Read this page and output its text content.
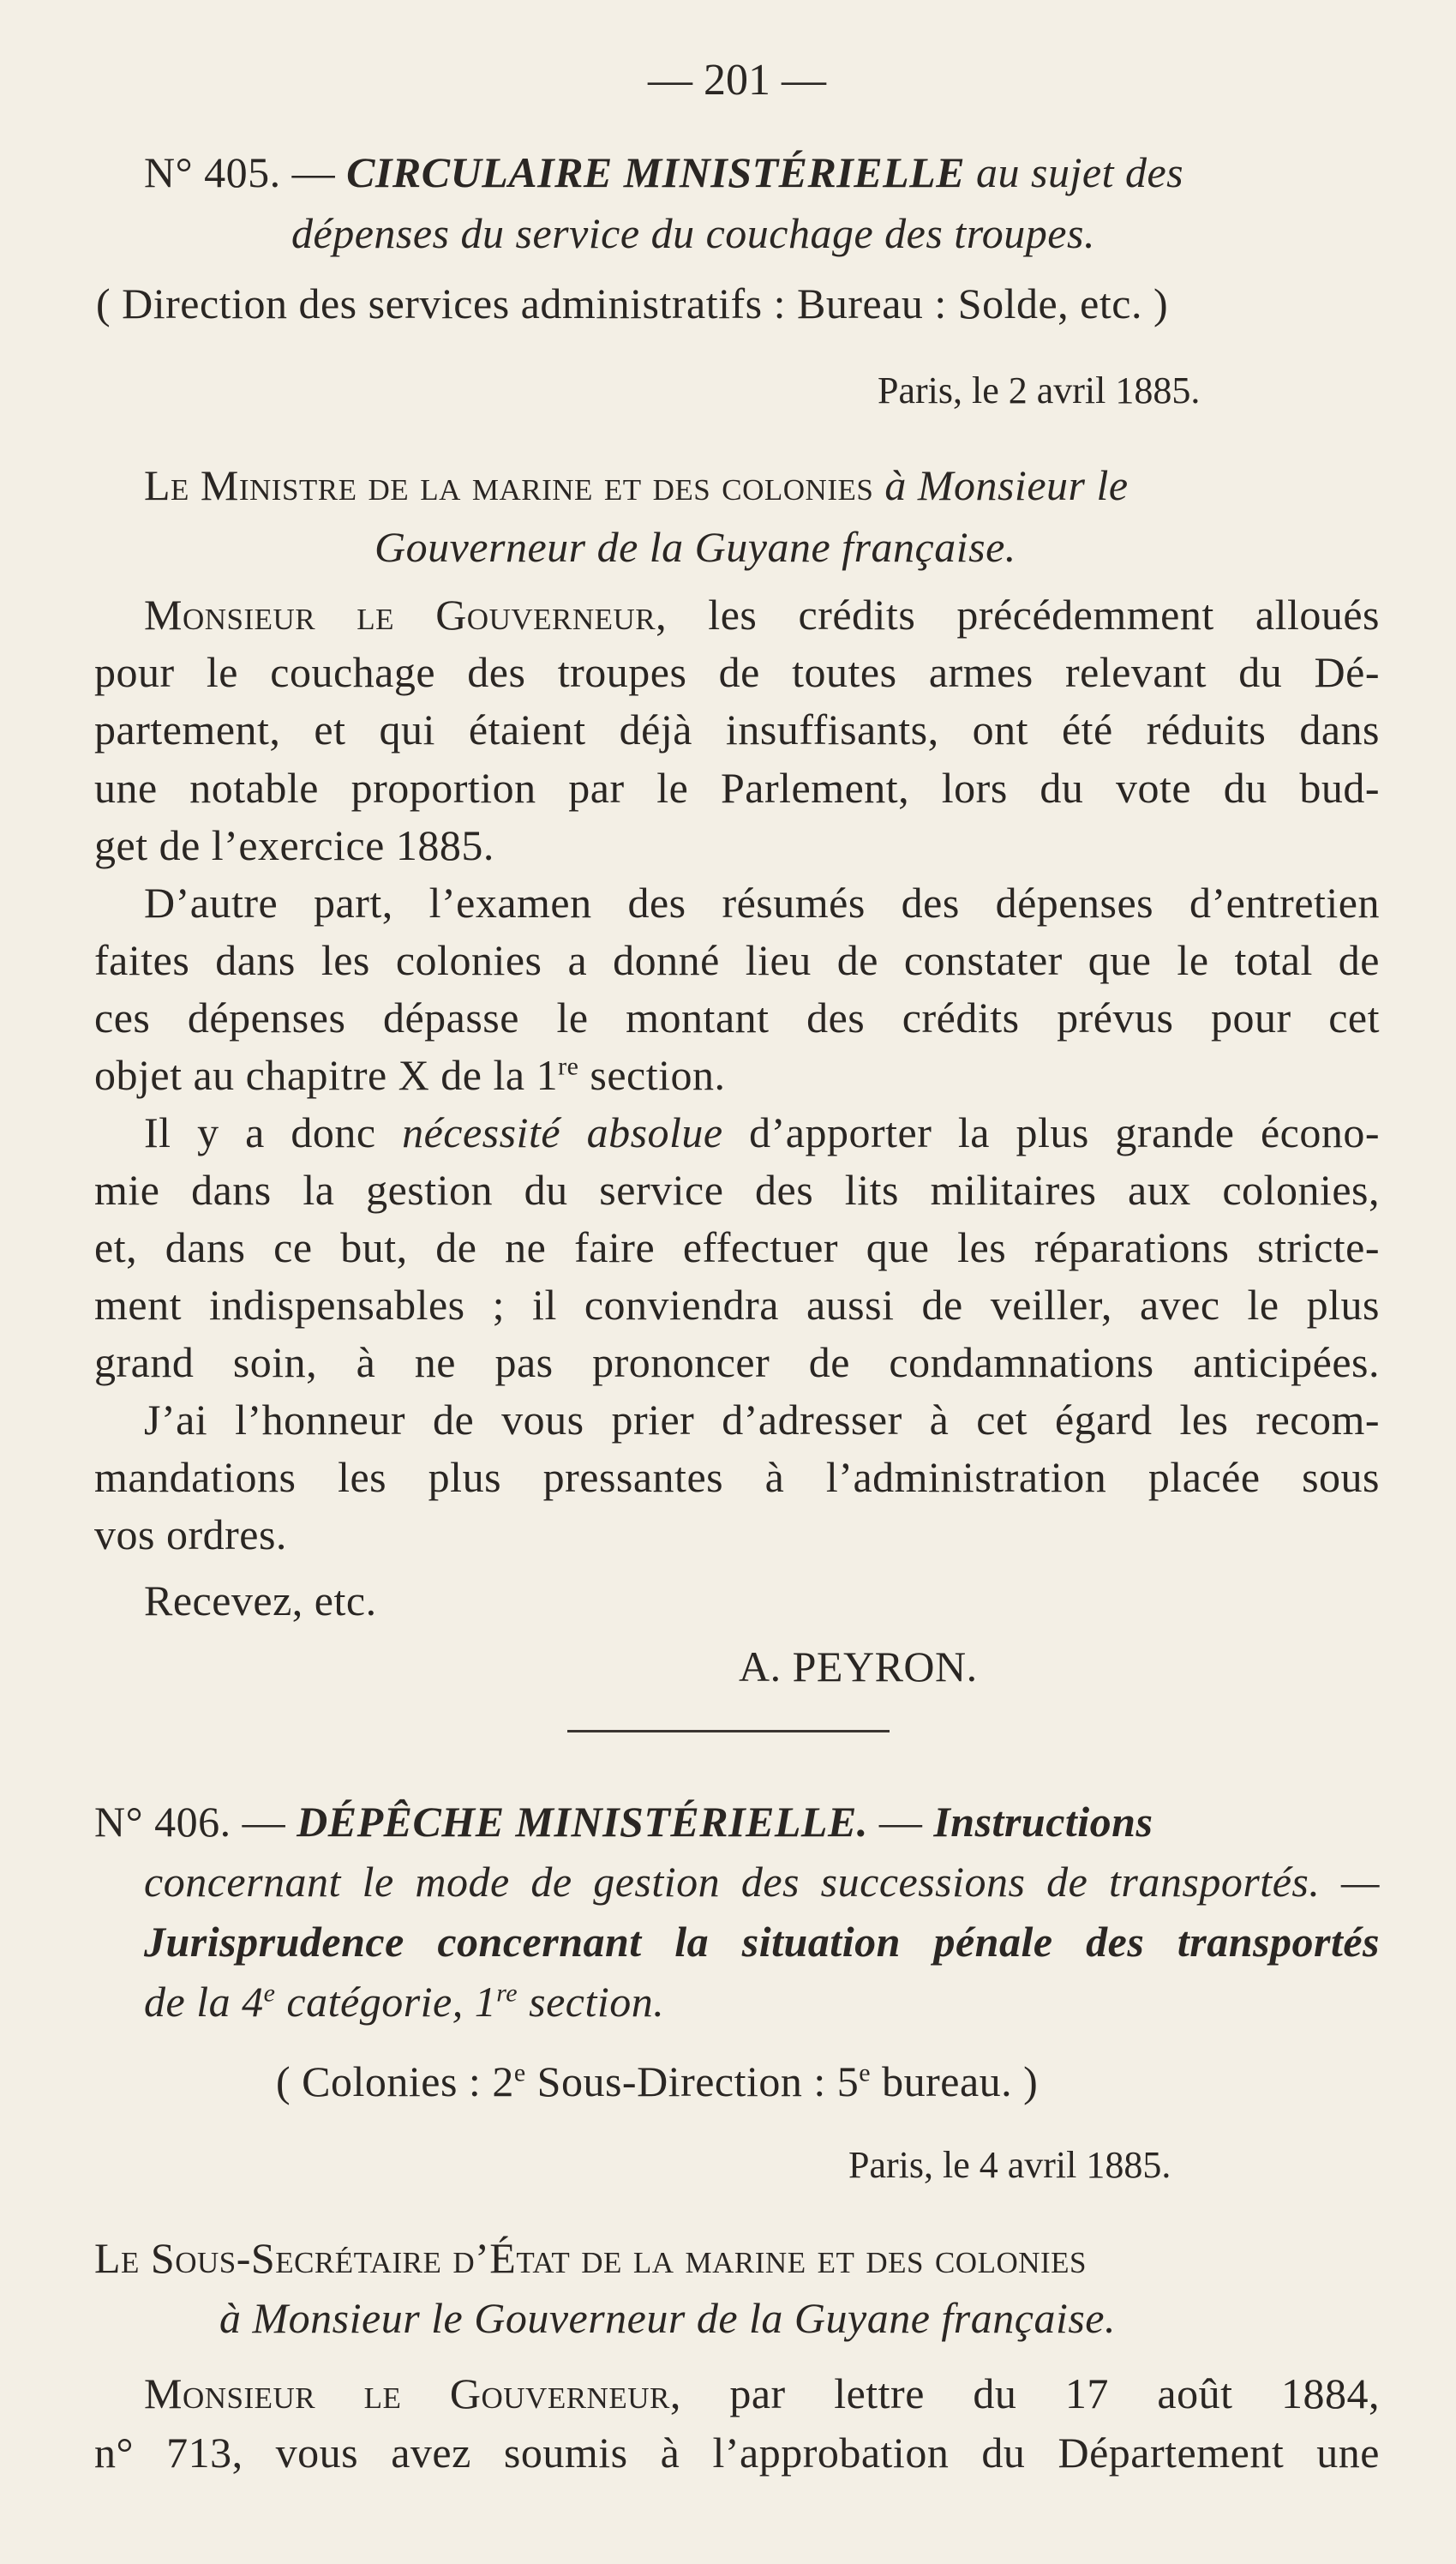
— 201 —
N° 405. — CIRCULAIRE MINISTÉRIELLE au sujet des
dépenses du service du couchage des troupes.
( Direction des services administratifs : Bureau : Solde, etc. )
Paris, le 2 avril 1885.
Le Ministre de la marine et des colonies à Monsieur le
Gouverneur de la Guyane française.
Monsieur le Gouverneur, les crédits précédemment alloués
pour le couchage des troupes de toutes armes relevant du Dé-
partement, et qui étaient déjà insuffisants, ont été réduits dans
une notable proportion par le Parlement, lors du vote du bud-
get de l’exercice 1885.
D’autre part, l’examen des résumés des dépenses d’entretien
faites dans les colonies a donné lieu de constater que le total de
ces dépenses dépasse le montant des crédits prévus pour cet
objet au chapitre X de la 1re section.
Il y a donc nécessité absolue d’apporter la plus grande écono-
mie dans la gestion du service des lits militaires aux colonies,
et, dans ce but, de ne faire effectuer que les réparations stricte-
ment indispensables ; il conviendra aussi de veiller, avec le plus
grand soin, à ne pas prononcer de condamnations anticipées.
J’ai l’honneur de vous prier d’adresser à cet égard les recom-
mandations les plus pressantes à l’administration placée sous
vos ordres.
Recevez, etc.
A. PEYRON.
N° 406. — DÉPÊCHE MINISTÉRIELLE. — Instructions
concernant le mode de gestion des successions de transportés. —
Jurisprudence concernant la situation pénale des transportés
de la 4e catégorie, 1re section.
( Colonies : 2e Sous-Direction : 5e bureau. )
Paris, le 4 avril 1885.
Le Sous-Secrétaire d’État de la marine et des colonies
à Monsieur le Gouverneur de la Guyane française.
Monsieur le Gouverneur, par lettre du 17 août 1884,
n° 713, vous avez soumis à l’approbation du Département une
